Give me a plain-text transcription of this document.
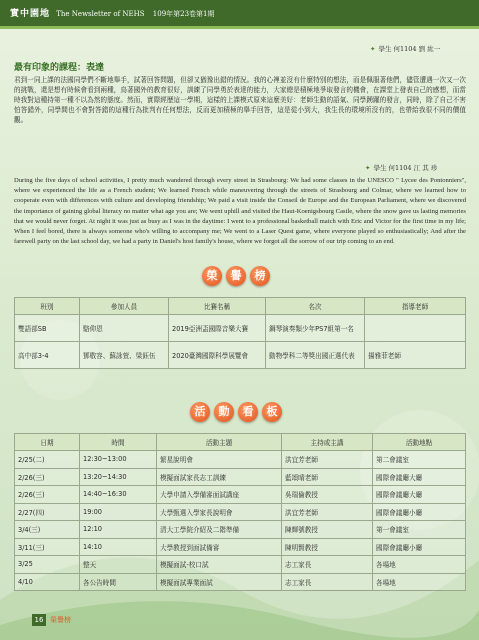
實中園地 The Newsletter of NEHS 109年第23卷第1期
✦ 學生 何1104 劉 紘一
最有印象的課程：表達
君到一同上課的法國同學們不斷地舉手，試著回答問題，但卻又猶豫出錯的情況。我的心裡並沒有什麼特別的想法，而是佩服著他們，儘管遭遇一次又一次的挑戰，還是想有時候會看到兩種，鳥著國外的教育很好，訓練了同學勇於表達的能力，大家總是積極地爭取發言的機會，在課堂上發表自己的感想，而當時我對這種持第一種不以為然的態度。然而，實際經歷這一學期，這樣的上課模式原來這麼美好：老師生動的語氣、同學踴躍的發言，同時，除了自己不害怕答錯外，同學間也不會對答錯的這種行為批判有任何想法，反而更加積極的舉手回答，這是從小到大，我生長的環境所沒有的，也帶給我很不同的價值觀。
✦ 學生 何1104 江 其 珍
During the five days of school activities, I pretty much wandered through every street in Strasbourg: We had some classes in the UNESCO " Lycee des Pontonniers", where we experienced the life as a French student; We learned French while maneuvering through the streets of Strasbourg and Colmar, where we learned how to cooperate even with differences with culture and developing friendship; We paid a visit inside the Conseil de Europe and the European Parliament, where we discovered the importance of gaining global literacy no matter what age you are; We went uphill and visited the Haut-Koenigsbourg Castle, where the snow gave us lasting memories that we would never forget. At night it was just as busy as I was in the daytime: I went to a professional basketball match with Eric and Victor for the first time in my life; When I feel bored, there is always someone who's willing to accompany me; We went to a Laser Quest game, where everyone played so enthusiastically; And after the farewell party on the last school day, we had a party in Daniel's host family's house, where we forgot all the sorrow of our trip coming to an end.
榮	譽	榜
班別	參加人員	比賽名稱	名次	指導老師
雙語部SB	駱仰恩	2019亞洲盃國際音樂大賽	鋼琴演奏類少年PS7組第一名	
高中部3-4	鄧敬容、蘇詠萱、梁鈺伍	2020臺灣國際科學展覽會	動物學科二等獎出國正選代表	揚雅菲老師
活	動	看	板
日期	時間	活動主題	主持或主講	活動地點
2/25(二)	12:30~13:00	繁星說明會	洪宜芳老師	第二會議室
2/26(三)	13:20~14:30	模擬面試家長志工訓練	藍頌晴老師	國際會議廳大廳
2/26(三)	14:40~16:30	大學申請入學備審面試講座	吳瑞倫教授	國際會議廳大廳
2/27(四)	19:00	大學甄選入學家長說明會	洪宜芳老師	國際會議廳小廳
3/4(三)	12:10	清大工學院介紹及二階準備	陳輝號教授	第一會議室
3/11(三)	14:10	大學教授到面試備審	陳明賢教授	國際會議廳小廳
3/25	整天	模擬面試-校口試	志工家長	各場地
4/10	各公告時間	模擬面試專業面試	志工家長	各場地
16 榮譽榜
